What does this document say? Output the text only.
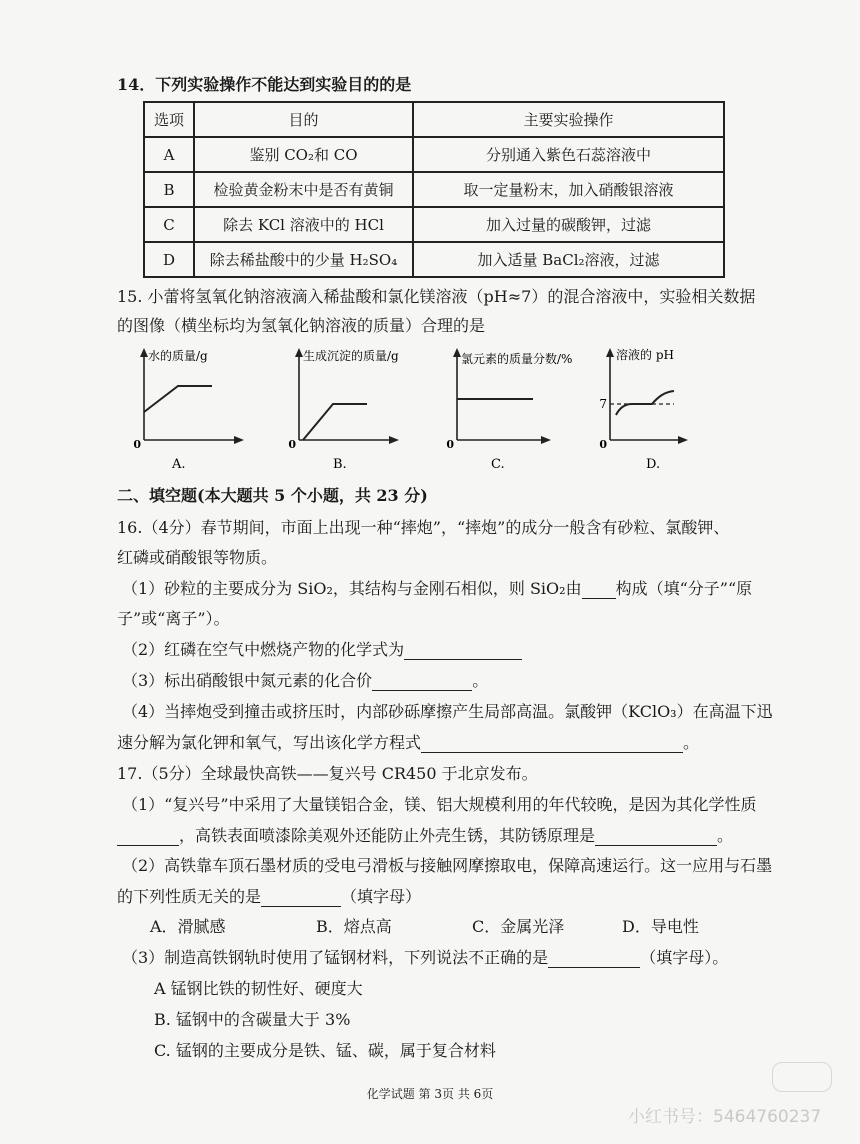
14．下列实验操作不能达到实验目的的是
选项	目的	主要实验操作
A	鉴别 CO₂和 CO	分别通入紫色石蕊溶液中
B	检验黄金粉末中是否有黄铜	取一定量粉末，加入硝酸银溶液
C	除去 KCl 溶液中的 HCl	加入过量的碳酸钾，过滤
D	除去稀盐酸中的少量 H₂SO₄	加入适量 BaCl₂溶液，过滤
15. 小蕾将氢氧化钠溶液滴入稀盐酸和氯化镁溶液（pH≈7）的混合溶液中，实验相关数据
的图像（横坐标均为氢氧化钠溶液的质量）合理的是
0
水的质量/g
A.
0
生成沉淀的质量/g
B.
0
氯元素的质量分数/%
C.
0
7
溶液的 pH
D.
二、填空题(本大题共 5 个小题，共 23 分)
16.（4分）春节期间，市面上出现一种“摔炮”，“摔炮”的成分一般含有砂粒、氯酸钾、
红磷或硝酸银等物质。
（1）砂粒的主要成分为 SiO₂，其结构与金刚石相似，则 SiO₂由 构成（填“分子”“原
子”或“离子”）。
（2）红磷在空气中燃烧产物的化学式为
（3）标出硝酸银中氮元素的化合价	。
（4）当摔炮受到撞击或挤压时，内部砂砾摩擦产生局部高温。氯酸钾（KClO₃）在高温下迅
速分解为氯化钾和氧气，写出该化学方程式	。
17.（5分）全球最快高铁——复兴号 CR450 于北京发布。
（1）“复兴号”中采用了大量镁铝合金，镁、铝大规模利用的年代较晚，是因为其化学性质
，高铁表面喷漆除美观外还能防止外壳生锈，其防锈原理是	。
（2）高铁靠车顶石墨材质的受电弓滑板与接触网摩擦取电，保障高速运行。这一应用与石墨
的下列性质无关的是	（填字母）
A．滑腻感	B．熔点高	C．金属光泽	D．导电性
（3）制造高铁钢轨时使用了锰钢材料，下列说法不正确的是	（填字母）。
A 锰钢比铁的韧性好、硬度大
B. 锰钢中的含碳量大于 3%
C. 锰钢的主要成分是铁、锰、碳，属于复合材料
化学试题 第 3页 共 6页
小红书号：5464760237
